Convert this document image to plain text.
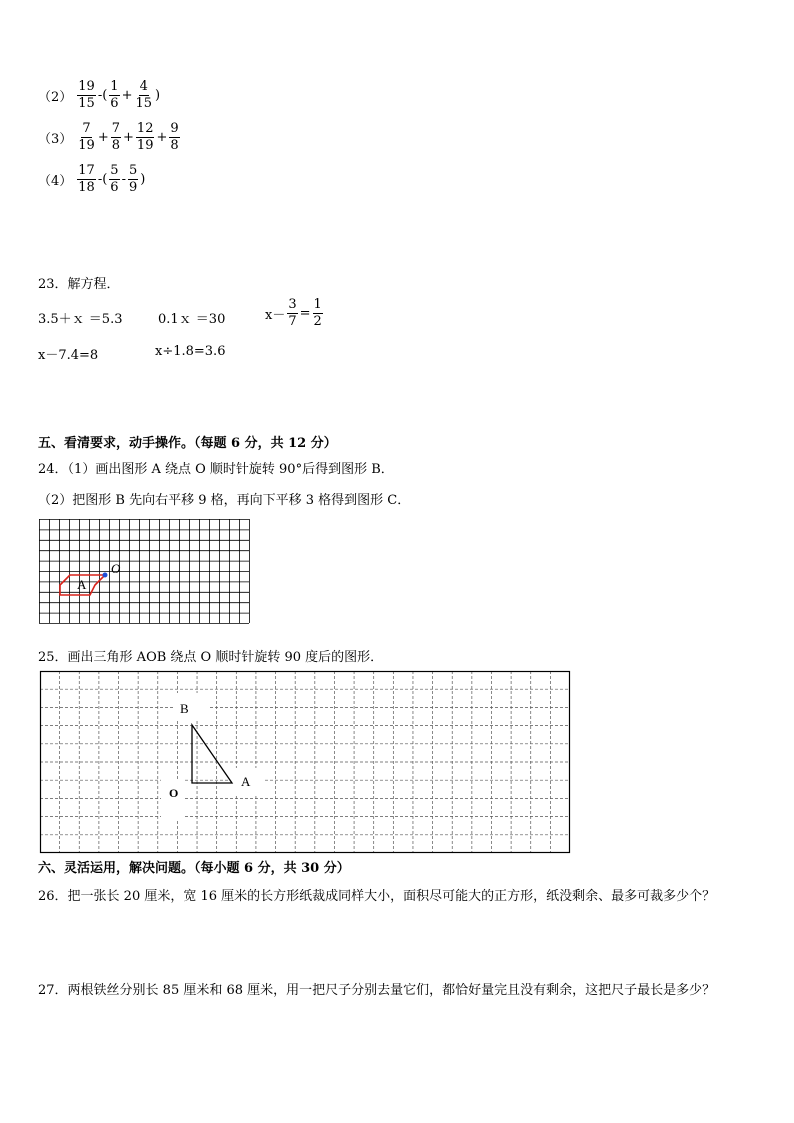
$(2) \frac{19}{15}$ -( $\frac{1}{6} + \frac{4}{15}$ )
$(3) \frac{7}{19} + \frac{7}{8} + \frac{12}{19} + \frac{9}{8}$
$(4) \frac{17}{18}$ -( $\frac{5}{6} - \frac{5}{9}$ )
23．解方程．
3.5＋ｘ ＝5.3	0.1ｘ ＝30	$x- \frac{3}{7} = \frac{1}{2}$
x－7.4=8	x÷1.8=3.6
五、看清要求，动手操作。（每题 6 分，共 12 分）
24．（1）画出图形 A 绕点 O 顺时针旋转 90°后得到图形 B．
（2）把图形 B 先向右平移 9 格，再向下平移 3 格得到图形 C．
A
O
25．画出三角形 AOB 绕点 O 顺时针旋转 90 度后的图形．
B
A
O
六、灵活运用，解决问题。（每小题 6 分，共 30 分）
26．把一张长 20 厘米，宽 16 厘米的长方形纸裁成同样大小，面积尽可能大的正方形，纸没剩余、最多可裁多少个？
27．两根铁丝分别长 85 厘米和 68 厘米，用一把尺子分别去量它们，都恰好量完且没有剩余，这把尺子最长是多少？
